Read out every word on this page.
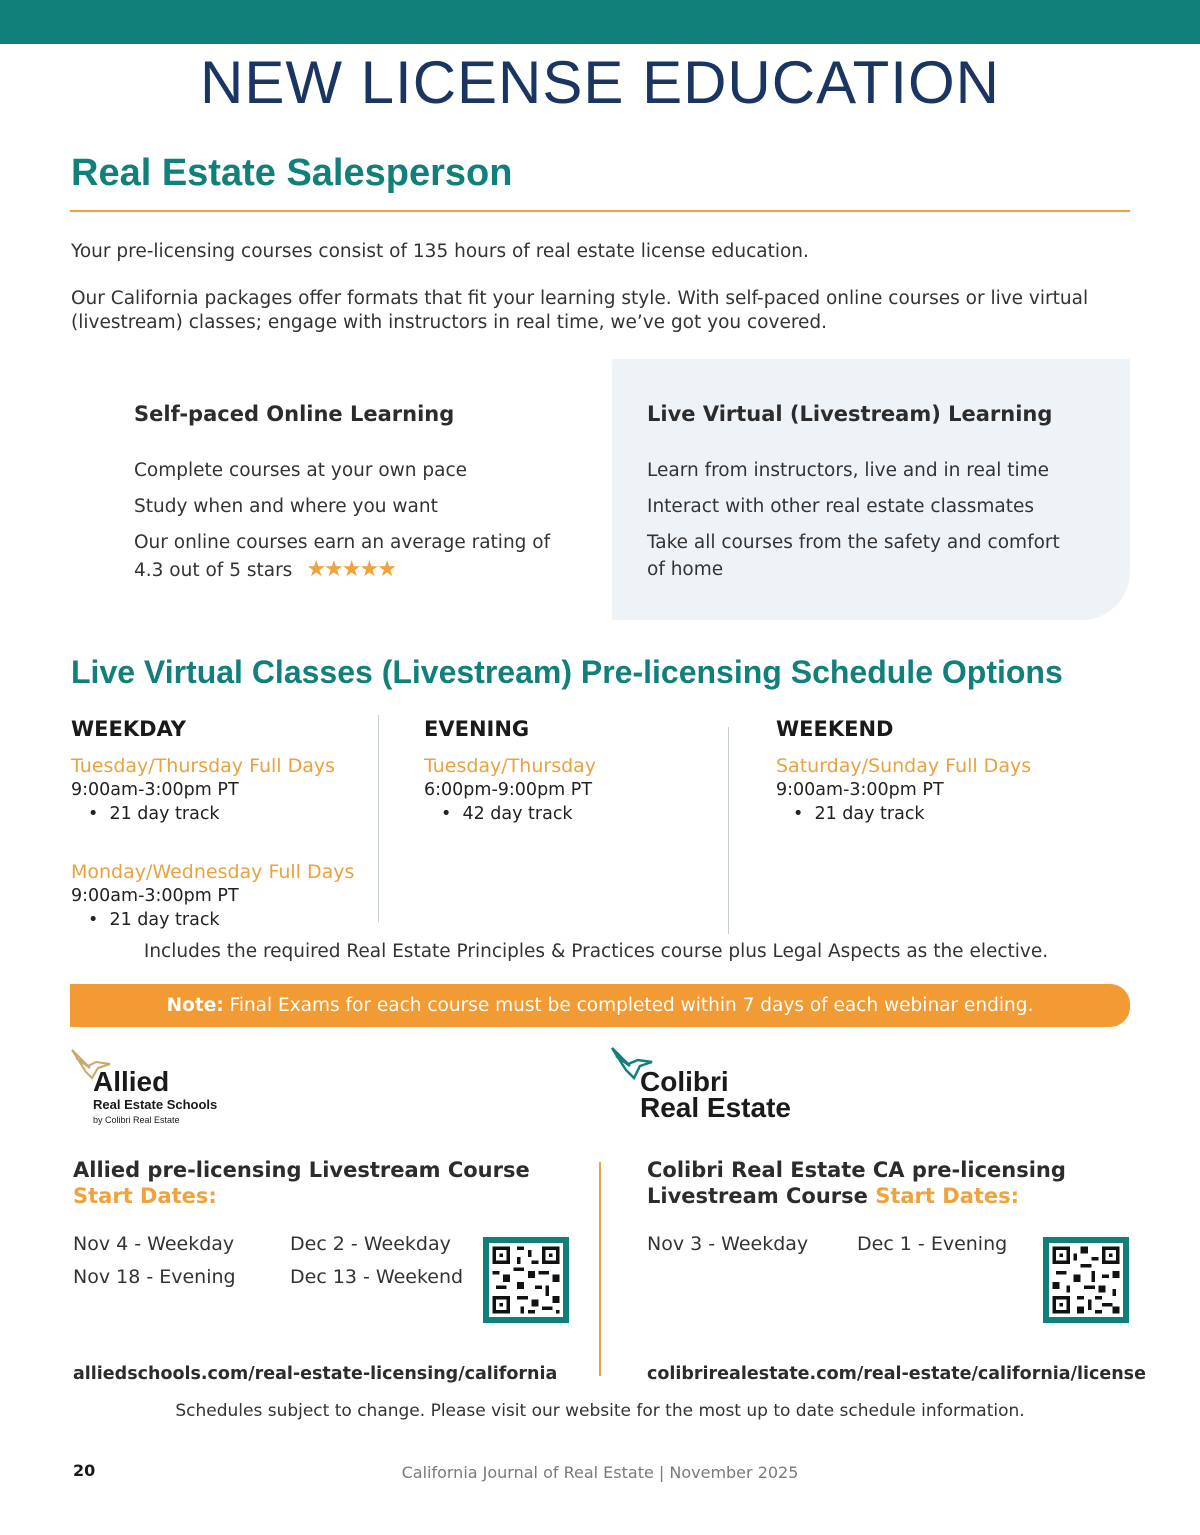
NEW LICENSE EDUCATION
Real Estate Salesperson
Your pre-licensing courses consist of 135 hours of real estate license education.
Our California packages offer formats that fit your learning style. With self-paced online courses or live virtual
(livestream) classes; engage with instructors in real time, we’ve got you covered.
Self-paced Online Learning
Complete courses at your own pace
Study when and where you want
Our online courses earn an average rating of
4.3 out of 5 stars ★★★★★
Live Virtual (Livestream) Learning
Learn from instructors, live and in real time
Interact with other real estate classmates
Take all courses from the safety and comfort
of home
Live Virtual Classes (Livestream) Pre-licensing Schedule Options
WEEKDAY
Tuesday/Thursday Full Days
9:00am-3:00pm PT
•  21 day track
Monday/Wednesday Full Days
9:00am-3:00pm PT
•  21 day track
EVENING
Tuesday/Thursday
6:00pm-9:00pm PT
•  42 day track
WEEKEND
Saturday/Sunday Full Days
9:00am-3:00pm PT
•  21 day track
Includes the required Real Estate Principles & Practices course plus Legal Aspects as the elective.
Note: Final Exams for each course must be completed within 7 days of each webinar ending.
Allied
Real Estate Schools
by Colibri Real Estate
Colibri
Real Estate
Allied pre-licensing Livestream Course
Start Dates:
Nov 4 - Weekday
Nov 18 - Evening
Dec 2 - Weekday
Dec 13 - Weekend
alliedschools.com/real-estate-licensing/california
Colibri Real Estate CA pre-licensing
Livestream Course Start Dates:
Nov 3 - Weekday	Dec 1 - Evening
colibrirealestate.com/real-estate/california/license
Schedules subject to change. Please visit our website for the most up to date schedule information.
20	California Journal of Real Estate | November 2025
